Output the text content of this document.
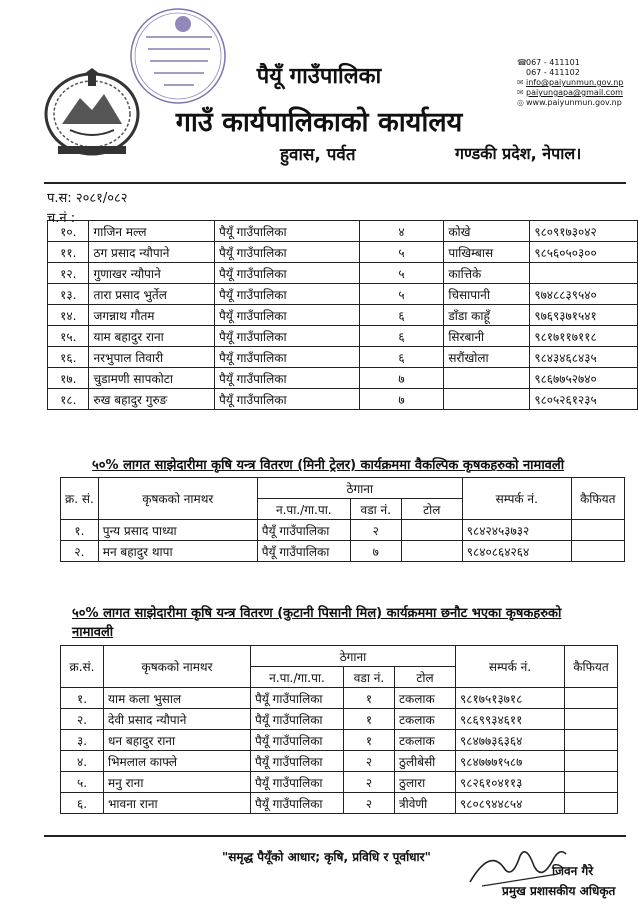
पैयूँ गाउँपालिका
गाउँ कार्यपालिकाको कार्यालय
हुवास, पर्वत	गण्डकी प्रदेश, नेपाल।
☎067 - 411101
067 - 411102
✉ info@paiyunmun.gov.np
✉ paiyungapa@gmail.com
◎ www.paiyunmun.gov.np
प.स: २०८१/०८२
च.नं :
१०.	गाजिन मल्ल	पैयूँ गाउँपालिका	४	कोखे	९८०९१७३०४२
११.	ठग प्रसाद न्यौपाने	पैयूँ गाउँपालिका	५	पाखिम्बास	९८५६०५०३००
१२.	गुणाखर न्यौपाने	पैयूँ गाउँपालिका	५	कात्तिके	
१३.	तारा प्रसाद भुर्तेल	पैयूँ गाउँपालिका	५	चिसापानी	९७४८८३९५४०
१४.	जगन्नाथ गौतम	पैयूँ गाउँपालिका	६	डाँडा काहूँ	९७६९३७१५४१
१५.	याम बहादुर राना	पैयूँ गाउँपालिका	६	सिरबानी	९८१७११७११८
१६.	नरभुपाल तिवारी	पैयूँ गाउँपालिका	६	सरौंखोला	९८४३४६८४३५
१७.	चुडामणी सापकोटा	पैयूँ गाउँपालिका	७		९८६७७५२७४०
१८.	रुख बहादुर गुरुङ	पैयूँ गाउँपालिका	७		९८०५२६१२३५
५०% लागत साझेदारीमा कृषि यन्त्र वितरण (मिनी ट्रेलर) कार्यक्रममा वैकल्पिक कृषकहरुको नामावली
क्र. सं.	कृषकको नामथर	ठेगाना			सम्पर्क नं.	कैफियत
		न.पा./गा.पा.	वडा नं.	टोल		
१.	पुन्य प्रसाद पाध्या	पैयूँ गाउँपालिका	२		९८४२४५३७३२	
२.	मन बहादुर थापा	पैयूँ गाउँपालिका	७		९८४०८६४२६४	
५०% लागत साझेदारीमा कृषि यन्त्र वितरण (कुटानी पिसानी मिल) कार्यक्रममा छनौट भएका कृषकहरुको
नामावली
क्र.सं.	कृषकको नामथर	ठेगाना			सम्पर्क नं.	कैफियत
		न.पा./गा.पा.	वडा नं.	टोल		
१.	याम कला भुसाल	पैयूँ गाउँपालिका	१	टकलाक	९८१७५१३७१८	
२.	देवी प्रसाद न्यौपाने	पैयूँ गाउँपालिका	१	टकलाक	९८६९९३४६११	
३.	धन बहादुर राना	पैयूँ गाउँपालिका	१	टकलाक	९८४७७३६३६४	
४.	भिमलाल काफ्ले	पैयूँ गाउँपालिका	२	ठुलीबेसी	९८४७७७१५८७	
५.	मनु राना	पैयूँ गाउँपालिका	२	ठुलारा	९८२६१०४११३	
६.	भावना राना	पैयूँ गाउँपालिका	२	त्रीवेणी	९८०८९४४८५४	
"समृद्ध पैयूँको आधार; कृषि, प्रविधि र पूर्वाधार"
जिवन गैरे
प्रमुख प्रशासकीय अधिकृत
